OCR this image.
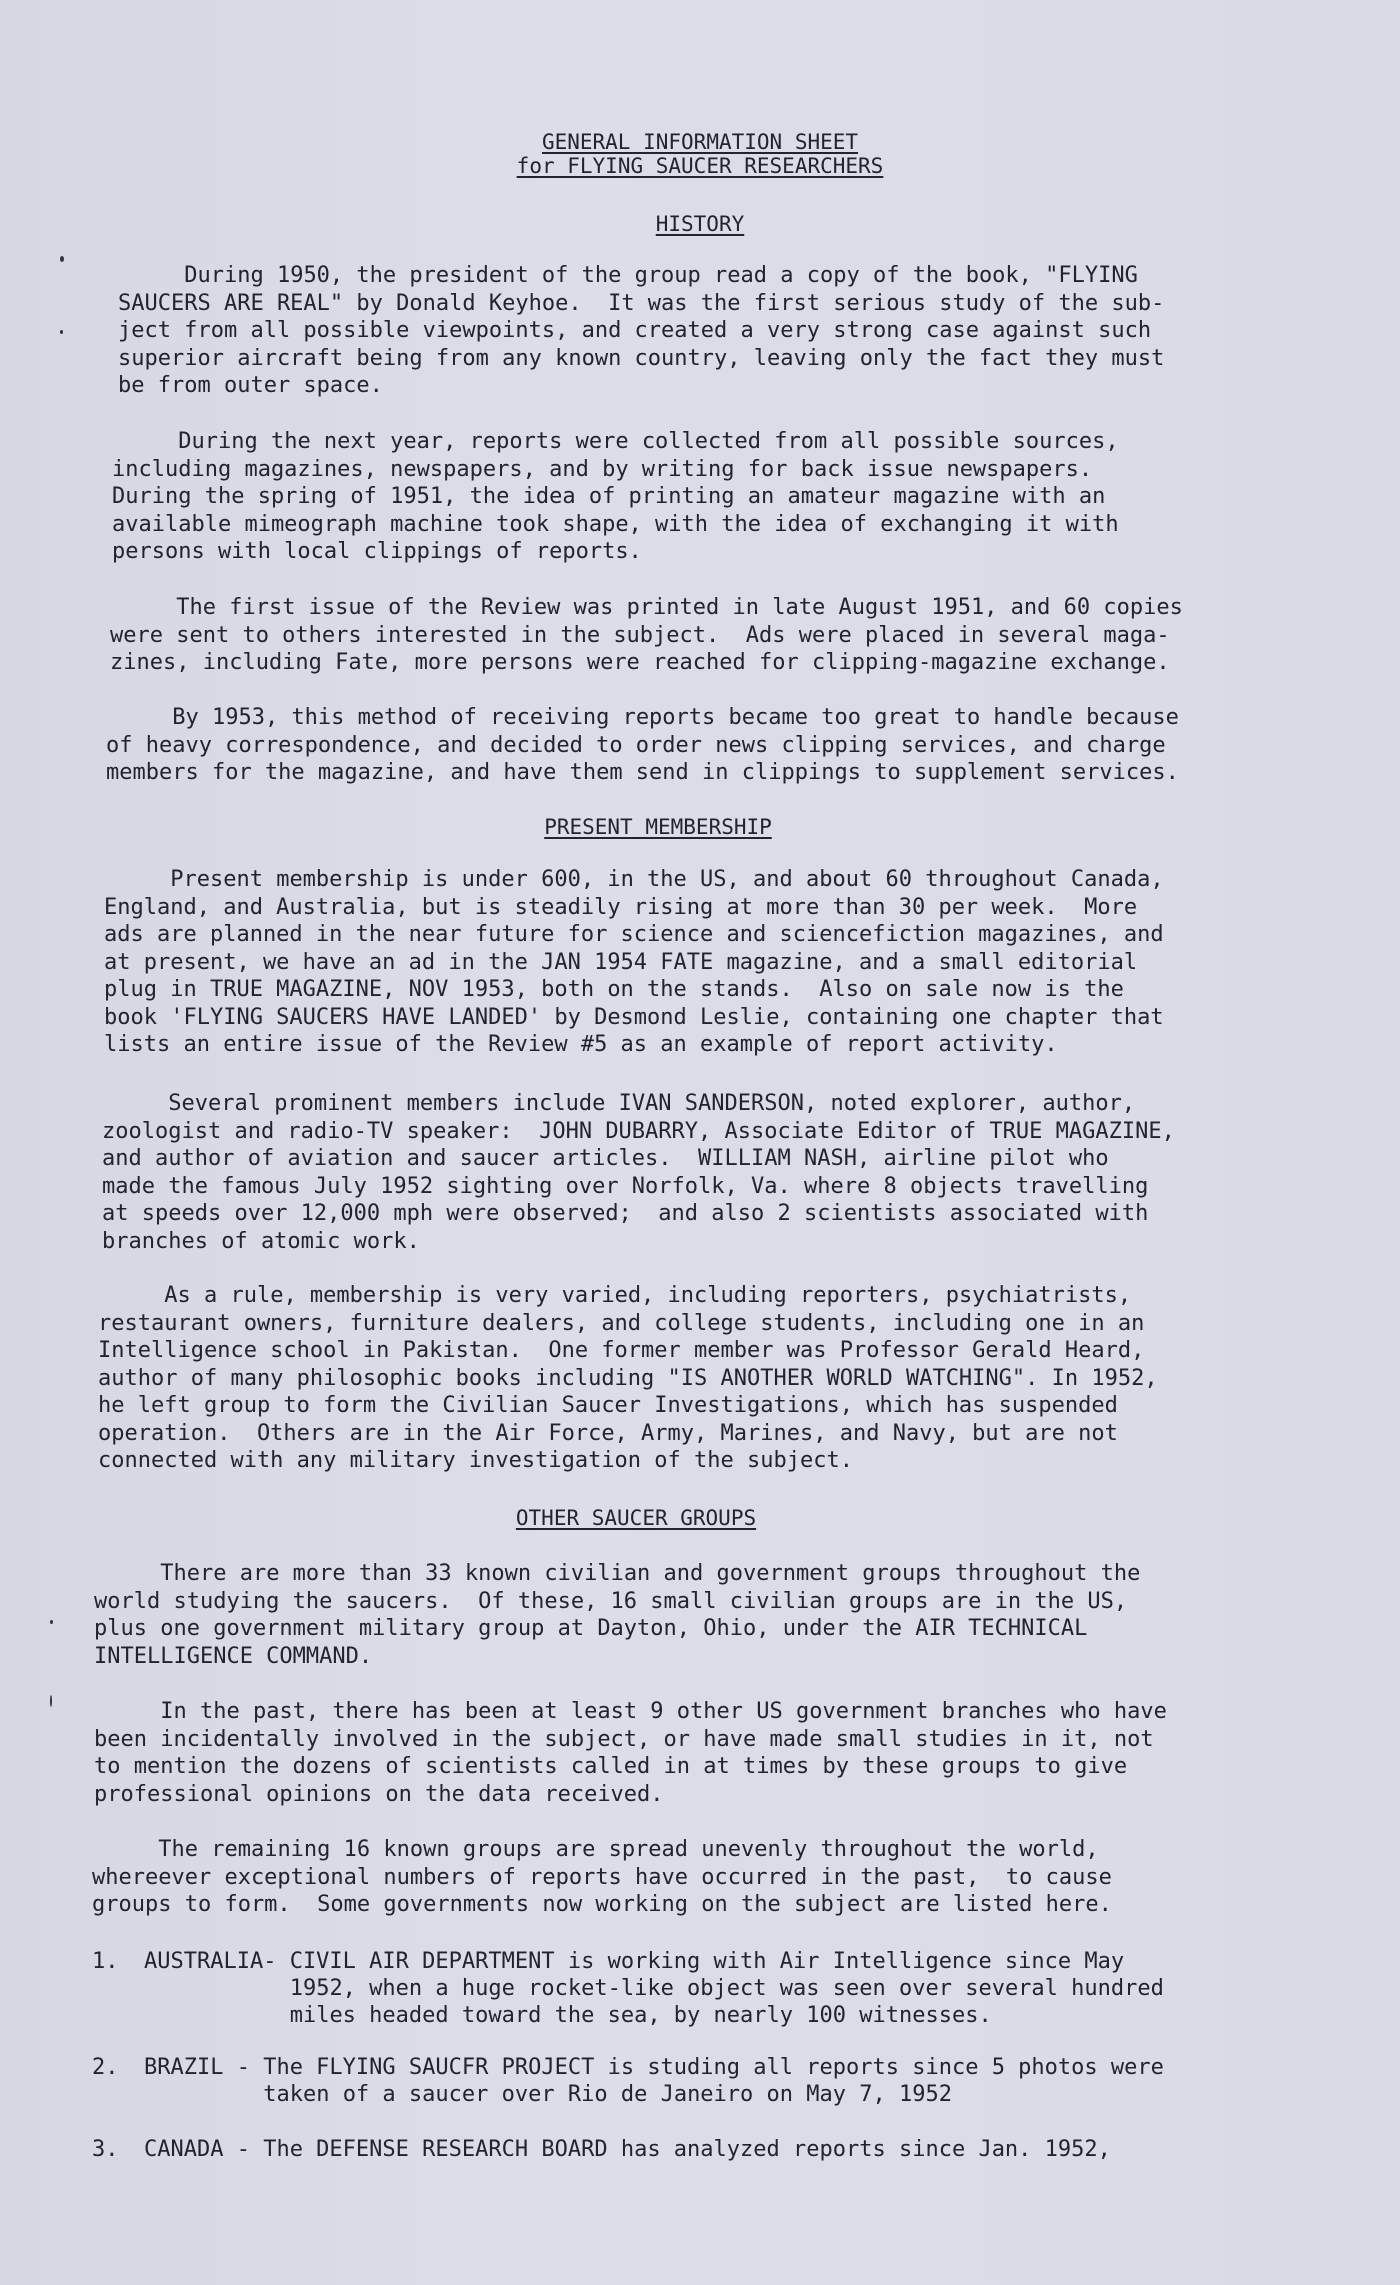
GENERAL INFORMATION SHEET
for FLYING SAUCER RESEARCHERS
HISTORY

During 1950, the president of the group read a copy of the book, "FLYING
SAUCERS ARE REAL" by Donald Keyhoe.  It was the first serious study of the sub-
ject from all possible viewpoints, and created a very strong case against such
superior aircraft being from any known country, leaving only the fact they must
be from outer space.

During the next year, reports were collected from all possible sources,
including magazines, newspapers, and by writing for back issue newspapers.
During the spring of 1951, the idea of printing an amateur magazine with an
available mimeograph machine took shape, with the idea of exchanging it with
persons with local clippings of reports.

The first issue of the Review was printed in late August 1951, and 60 copies
were sent to others interested in the subject.  Ads were placed in several maga-
zines, including Fate, more persons were reached for clipping-magazine exchange.

By 1953, this method of receiving reports became too great to handle because
of heavy correspondence, and decided to order news clipping services, and charge
members for the magazine, and have them send in clippings to supplement services.

PRESENT MEMBERSHIP

Present membership is under 600, in the US, and about 60 throughout Canada,
England, and Australia, but is steadily rising at more than 30 per week.  More
ads are planned in the near future for science and sciencefiction magazines, and
at present, we have an ad in the JAN 1954 FATE magazine, and a small editorial
plug in TRUE MAGAZINE, NOV 1953, both on the stands.  Also on sale now is the
book 'FLYING SAUCERS HAVE LANDED' by Desmond Leslie, containing one chapter that
lists an entire issue of the Review #5 as an example of report activity.

Several prominent members include IVAN SANDERSON, noted explorer, author,
zoologist and radio-TV speaker:  JOHN DUBARRY, Associate Editor of TRUE MAGAZINE,
and author of aviation and saucer articles.  WILLIAM NASH, airline pilot who
made the famous July 1952 sighting over Norfolk, Va. where 8 objects travelling
at speeds over 12,000 mph were observed;  and also 2 scientists associated with
branches of atomic work.

As a rule, membership is very varied, including reporters, psychiatrists,
restaurant owners, furniture dealers, and college students, including one in an
Intelligence school in Pakistan.  One former member was Professor Gerald Heard,
author of many philosophic books including "IS ANOTHER WORLD WATCHING". In 1952,
he left group to form the Civilian Saucer Investigations, which has suspended
operation.  Others are in the Air Force, Army, Marines, and Navy, but are not
connected with any military investigation of the subject.

OTHER SAUCER GROUPS

There are more than 33 known civilian and government groups throughout the
world studying the saucers.  Of these, 16 small civilian groups are in the US,
plus one government military group at Dayton, Ohio, under the AIR TECHNICAL
INTELLIGENCE COMMAND.

In the past, there has been at least 9 other US government branches who have
been incidentally involved in the subject, or have made small studies in it, not
to mention the dozens of scientists called in at times by these groups to give
professional opinions on the data received.

The remaining 16 known groups are spread unevenly throughout the world,
whereever exceptional numbers of reports have occurred in the past,  to cause
groups to form.  Some governments now working on the subject are listed here.

1.

AUSTRALIA- CIVIL AIR DEPARTMENT is working with Air Intelligence since May
1952, when a huge rocket-like object was seen over several hundred
miles headed toward the sea, by nearly 100 witnesses.

2.

BRAZIL - The FLYING SAUCFR PROJECT is studing all reports since 5 photos were
taken of a saucer over Rio de Janeiro on May 7, 1952

3.

CANADA - The DEFENSE RESEARCH BOARD has analyzed reports since Jan. 1952,
